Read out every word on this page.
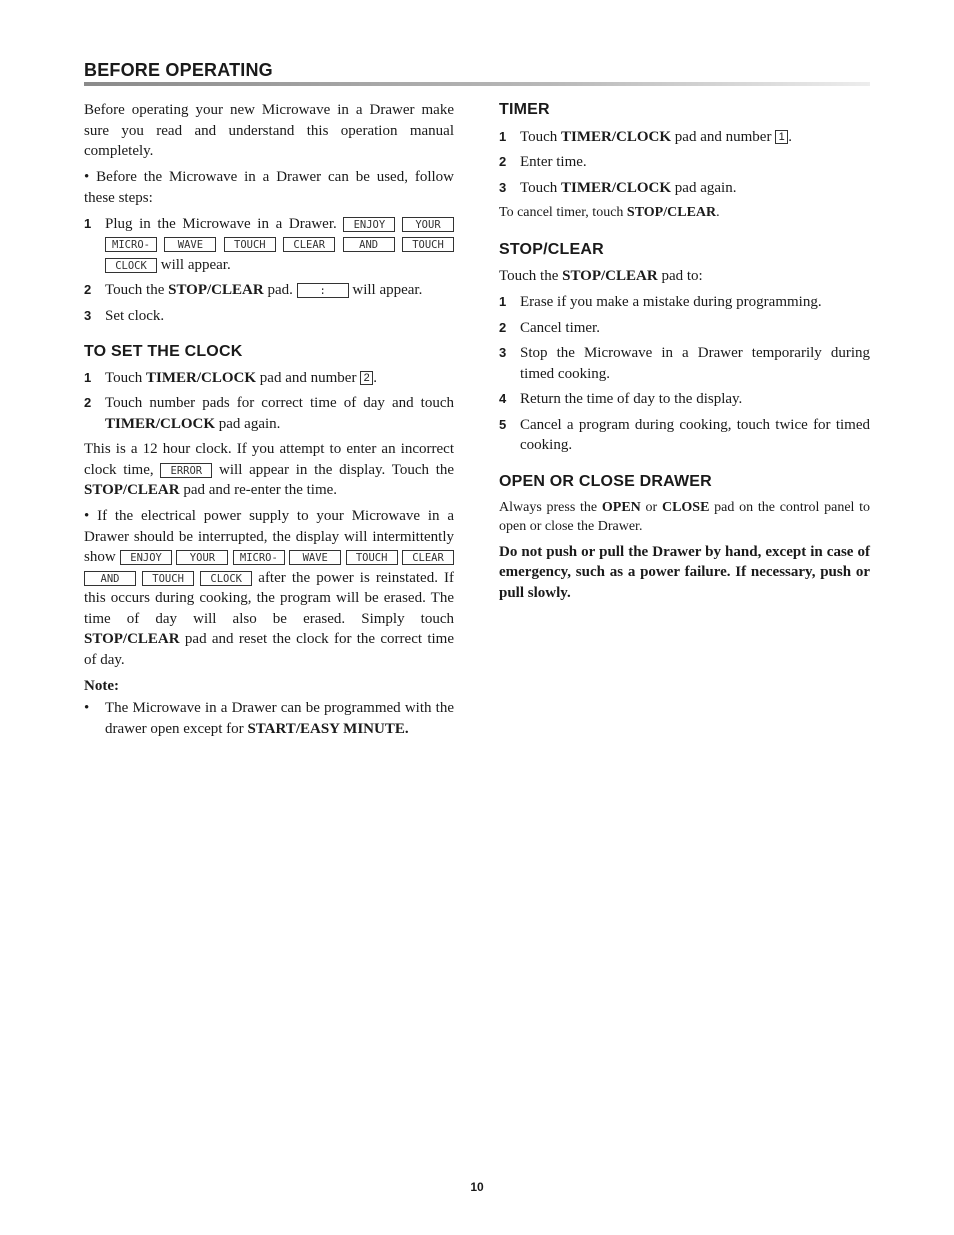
BEFORE OPERATING

Before operating your new Microwave in a Drawer make sure you read and understand this operation manual completely.

• Before the Microwave in a Drawer can be used, follow these steps:

1 Plug in the Microwave in a Drawer. ENJOY	YOUR MICRO-	WAVE	TOUCH	CLEAR	AND	TOUCH CLOCK will appear.
2 Touch the STOP/CLEAR pad.	: will appear.
3 Set clock.
TO SET THE CLOCK
1 Touch TIMER/CLOCK pad and number 2 .
2 Touch number pads for correct time of day and touch TIMER/CLOCK pad again.

This is a 12 hour clock. If you attempt to enter an incorrect clock time, ERROR will appear in the display. Touch the STOP/CLEAR pad and re-enter the time.

• If the electrical power supply to your Microwave in a Drawer should be interrupted, the display will intermittently show ENJOY	YOUR MICRO- WAVE	TOUCH CLEAR AND	TOUCH	CLOCK after the power is reinstated. If this occurs during cooking, the program will be erased. The time of day will also be erased. Simply touch STOP/CLEAR pad and reset the clock for the correct time of day.

Note:

•	The Microwave in a Drawer can be programmed with the drawer open except for START/EASY MINUTE.
TIMER
1 Touch TIMER/CLOCK pad and number 1 .
2 Enter time.
3 Touch TIMER/CLOCK pad again.

To cancel timer, touch STOP/CLEAR.

STOP/CLEAR

Touch the STOP/CLEAR pad to:

1 Erase if you make a mistake during programming.
2 Cancel timer.
3 Stop the Microwave in a Drawer temporarily during timed cooking.
4 Return the time of day to the display.
5 Cancel a program during cooking, touch twice for timed cooking.
OPEN OR CLOSE DRAWER

Always press the OPEN or CLOSE pad on the control panel to open or close the Drawer.

Do not push or pull the Drawer by hand, except in case of emergency, such as a power failure. If necessary, push or pull slowly.

10
